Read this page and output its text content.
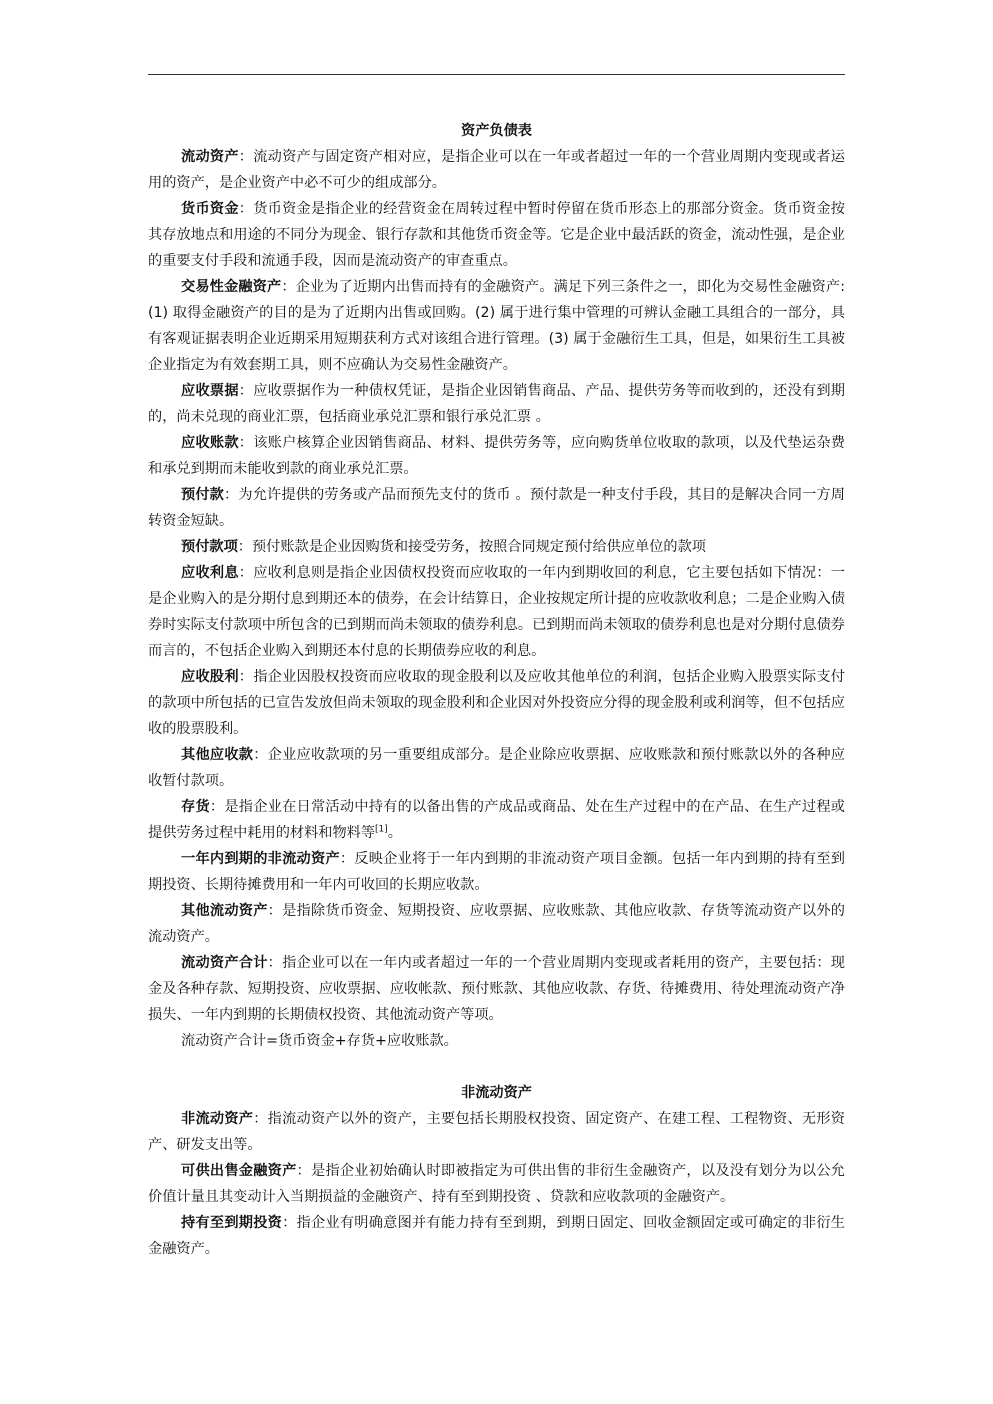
资产负债表

流动资产：流动资产与固定资产相对应，是指企业可以在一年或者超过一年的一个营业周期内变现或者运用的资产，是企业资产中必不可少的组成部分。

货币资金：货币资金是指企业的经营资金在周转过程中暂时停留在货币形态上的那部分资金。货币资金按其存放地点和用途的不同分为现金、银行存款和其他货币资金等。它是企业中最活跃的资金，流动性强，是企业的重要支付手段和流通手段，因而是流动资产的审查重点。

交易性金融资产：企业为了近期内出售而持有的金融资产。满足下列三条件之一，即化为交易性金融资产:(1) 取得金融资产的目的是为了近期内出售或回购。(2) 属于进行集中管理的可辨认金融工具组合的一部分，具有客观证据表明企业近期采用短期获利方式对该组合进行管理。(3) 属于金融衍生工具，但是，如果衍生工具被企业指定为有效套期工具，则不应确认为交易性金融资产。

应收票据：应收票据作为一种债权凭证，是指企业因销售商品、产品、提供劳务等而收到的，还没有到期的，尚未兑现的商业汇票，包括商业承兑汇票和银行承兑汇票 。

应收账款：该账户核算企业因销售商品、材料、提供劳务等，应向购货单位收取的款项，以及代垫运杂费和承兑到期而未能收到款的商业承兑汇票。

预付款：为允许提供的劳务或产品而预先支付的货币 。预付款是一种支付手段，其目的是解决合同一方周转资金短缺。

预付款项：预付账款是企业因购货和接受劳务，按照合同规定预付给供应单位的款项

应收利息：应收利息则是指企业因债权投资而应收取的一年内到期收回的利息，它主要包括如下情况：一是企业购入的是分期付息到期还本的债券，在会计结算日，企业按规定所计提的应收款收利息；二是企业购入债券时实际支付款项中所包含的已到期而尚未领取的债券利息。已到期而尚未领取的债券利息也是对分期付息债券而言的，不包括企业购入到期还本付息的长期债券应收的利息。

应收股利：指企业因股权投资而应收取的现金股利以及应收其他单位的利润，包括企业购入股票实际支付的款项中所包括的已宣告发放但尚未领取的现金股利和企业因对外投资应分得的现金股利或利润等，但不包括应收的股票股利。

其他应收款：企业应收款项的另一重要组成部分。是企业除应收票据、应收账款和预付账款以外的各种应收暂付款项。

存货：是指企业在日常活动中持有的以备出售的产成品或商品、处在生产过程中的在产品、在生产过程或提供劳务过程中耗用的材料和物料等[1]。

一年内到期的非流动资产：反映企业将于一年内到期的非流动资产项目金额。包括一年内到期的持有至到期投资、长期待摊费用和一年内可收回的长期应收款。

其他流动资产：是指除货币资金、短期投资、应收票据、应收账款、其他应收款、存货等流动资产以外的流动资产。

流动资产合计：指企业可以在一年内或者超过一年的一个营业周期内变现或者耗用的资产，主要包括：现金及各种存款、短期投资、应收票据、应收帐款、预付账款、其他应收款、存货、待摊费用、待处理流动资产净损失、一年内到期的长期债权投资、其他流动资产等项。

流动资产合计=货币资金+存货+应收账款。

非流动资产

非流动资产：指流动资产以外的资产，主要包括长期股权投资、固定资产、在建工程、工程物资、无形资产、研发支出等。

可供出售金融资产：是指企业初始确认时即被指定为可供出售的非衍生金融资产，以及没有划分为以公允价值计量且其变动计入当期损益的金融资产、持有至到期投资 、贷款和应收款项的金融资产。

持有至到期投资：指企业有明确意图并有能力持有至到期，到期日固定、回收金额固定或可确定的非衍生金融资产。
